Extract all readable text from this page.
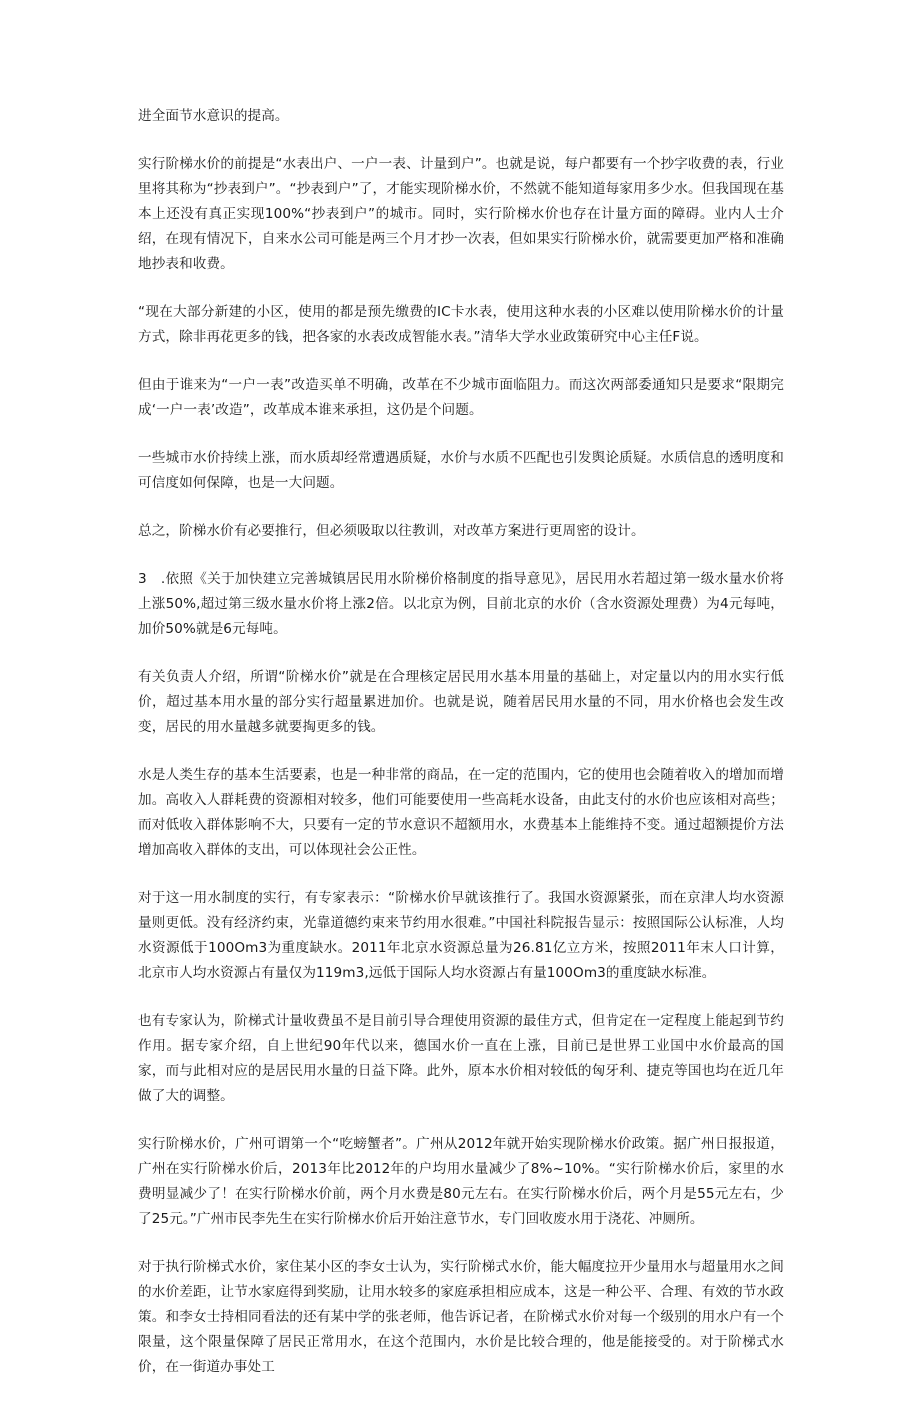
进全面节水意识的提高。

实行阶梯水价的前提是“水表出户、一户一表、计量到户”。也就是说，每户都要有一个抄字收费的表，行业里将其称为“抄表到户”。“抄表到户”了，才能实现阶梯水价，不然就不能知道每家用多少水。但我国现在基本上还没有真正实现100%“抄表到户”的城市。同时，实行阶梯水价也存在计量方面的障碍。业内人士介绍，在现有情况下，自来水公司可能是两三个月才抄一次表，但如果实行阶梯水价，就需要更加严格和准确地抄表和收费。

“现在大部分新建的小区，使用的都是预先缴费的IC卡水表，使用这种水表的小区难以使用阶梯水价的计量方式，除非再花更多的钱，把各家的水表改成智能水表。”清华大学水业政策研究中心主任F说。

但由于谁来为“一户一表”改造买单不明确，改革在不少城市面临阻力。而这次两部委通知只是要求“限期完成‘一户一表’改造”，改革成本谁来承担，这仍是个问题。

一些城市水价持续上涨，而水质却经常遭遇质疑，水价与水质不匹配也引发舆论质疑。水质信息的透明度和可信度如何保障，也是一大问题。

总之，阶梯水价有必要推行，但必须吸取以往教训，对改革方案进行更周密的设计。

3　.依照《关于加快建立完善城镇居民用水阶梯价格制度的指导意见》，居民用水若超过第一级水量水价将上涨50%,超过第三级水量水价将上涨2倍。以北京为例，目前北京的水价（含水资源处理费）为4元每吨，加价50%就是6元每吨。

有关负责人介绍，所谓“阶梯水价”就是在合理核定居民用水基本用量的基础上，对定量以内的用水实行低价，超过基本用水量的部分实行超量累进加价。也就是说，随着居民用水量的不同，用水价格也会发生改变，居民的用水量越多就要掏更多的钱。

水是人类生存的基本生活要素，也是一种非常的商品，在一定的范围内，它的使用也会随着收入的增加而增加。高收入人群耗费的资源相对较多，他们可能要使用一些高耗水设备，由此支付的水价也应该相对高些；而对低收入群体影响不大，只要有一定的节水意识不超额用水，水费基本上能维持不变。通过超额提价方法增加高收入群体的支出，可以体现社会公正性。

对于这一用水制度的实行，有专家表示：“阶梯水价早就该推行了。我国水资源紧张，而在京津人均水资源量则更低。没有经济约束，光靠道德约束来节约用水很难。”中国社科院报告显示：按照国际公认标准，人均水资源低于100Om3为重度缺水。2011年北京水资源总量为26.81亿立方米，按照2011年末人口计算，北京市人均水资源占有量仅为119m3,远低于国际人均水资源占有量100Om3的重度缺水标准。

也有专家认为，阶梯式计量收费虽不是目前引导合理使用资源的最佳方式，但肯定在一定程度上能起到节约作用。据专家介绍，自上世纪90年代以来，德国水价一直在上涨，目前已是世界工业国中水价最高的国家，而与此相对应的是居民用水量的日益下降。此外，原本水价相对较低的匈牙利、捷克等国也均在近几年做了大的调整。

实行阶梯水价，广州可谓第一个“吃螃蟹者”。广州从2012年就开始实现阶梯水价政策。据广州日报报道，广州在实行阶梯水价后，2013年比2012年的户均用水量减少了8%~10%。“实行阶梯水价后，家里的水费明显减少了！在实行阶梯水价前，两个月水费是80元左右。在实行阶梯水价后，两个月是55元左右，少了25元。”广州市民李先生在实行阶梯水价后开始注意节水，专门回收废水用于浇花、冲厕所。

对于执行阶梯式水价，家住某小区的李女士认为，实行阶梯式水价，能大幅度拉开少量用水与超量用水之间的水价差距，让节水家庭得到奖励，让用水较多的家庭承担相应成本，这是一种公平、合理、有效的节水政策。和李女士持相同看法的还有某中学的张老师，他告诉记者，在阶梯式水价对每一个级别的用水户有一个限量，这个限量保障了居民正常用水，在这个范围内，水价是比较合理的，他是能接受的。对于阶梯式水价，在一街道办事处工
